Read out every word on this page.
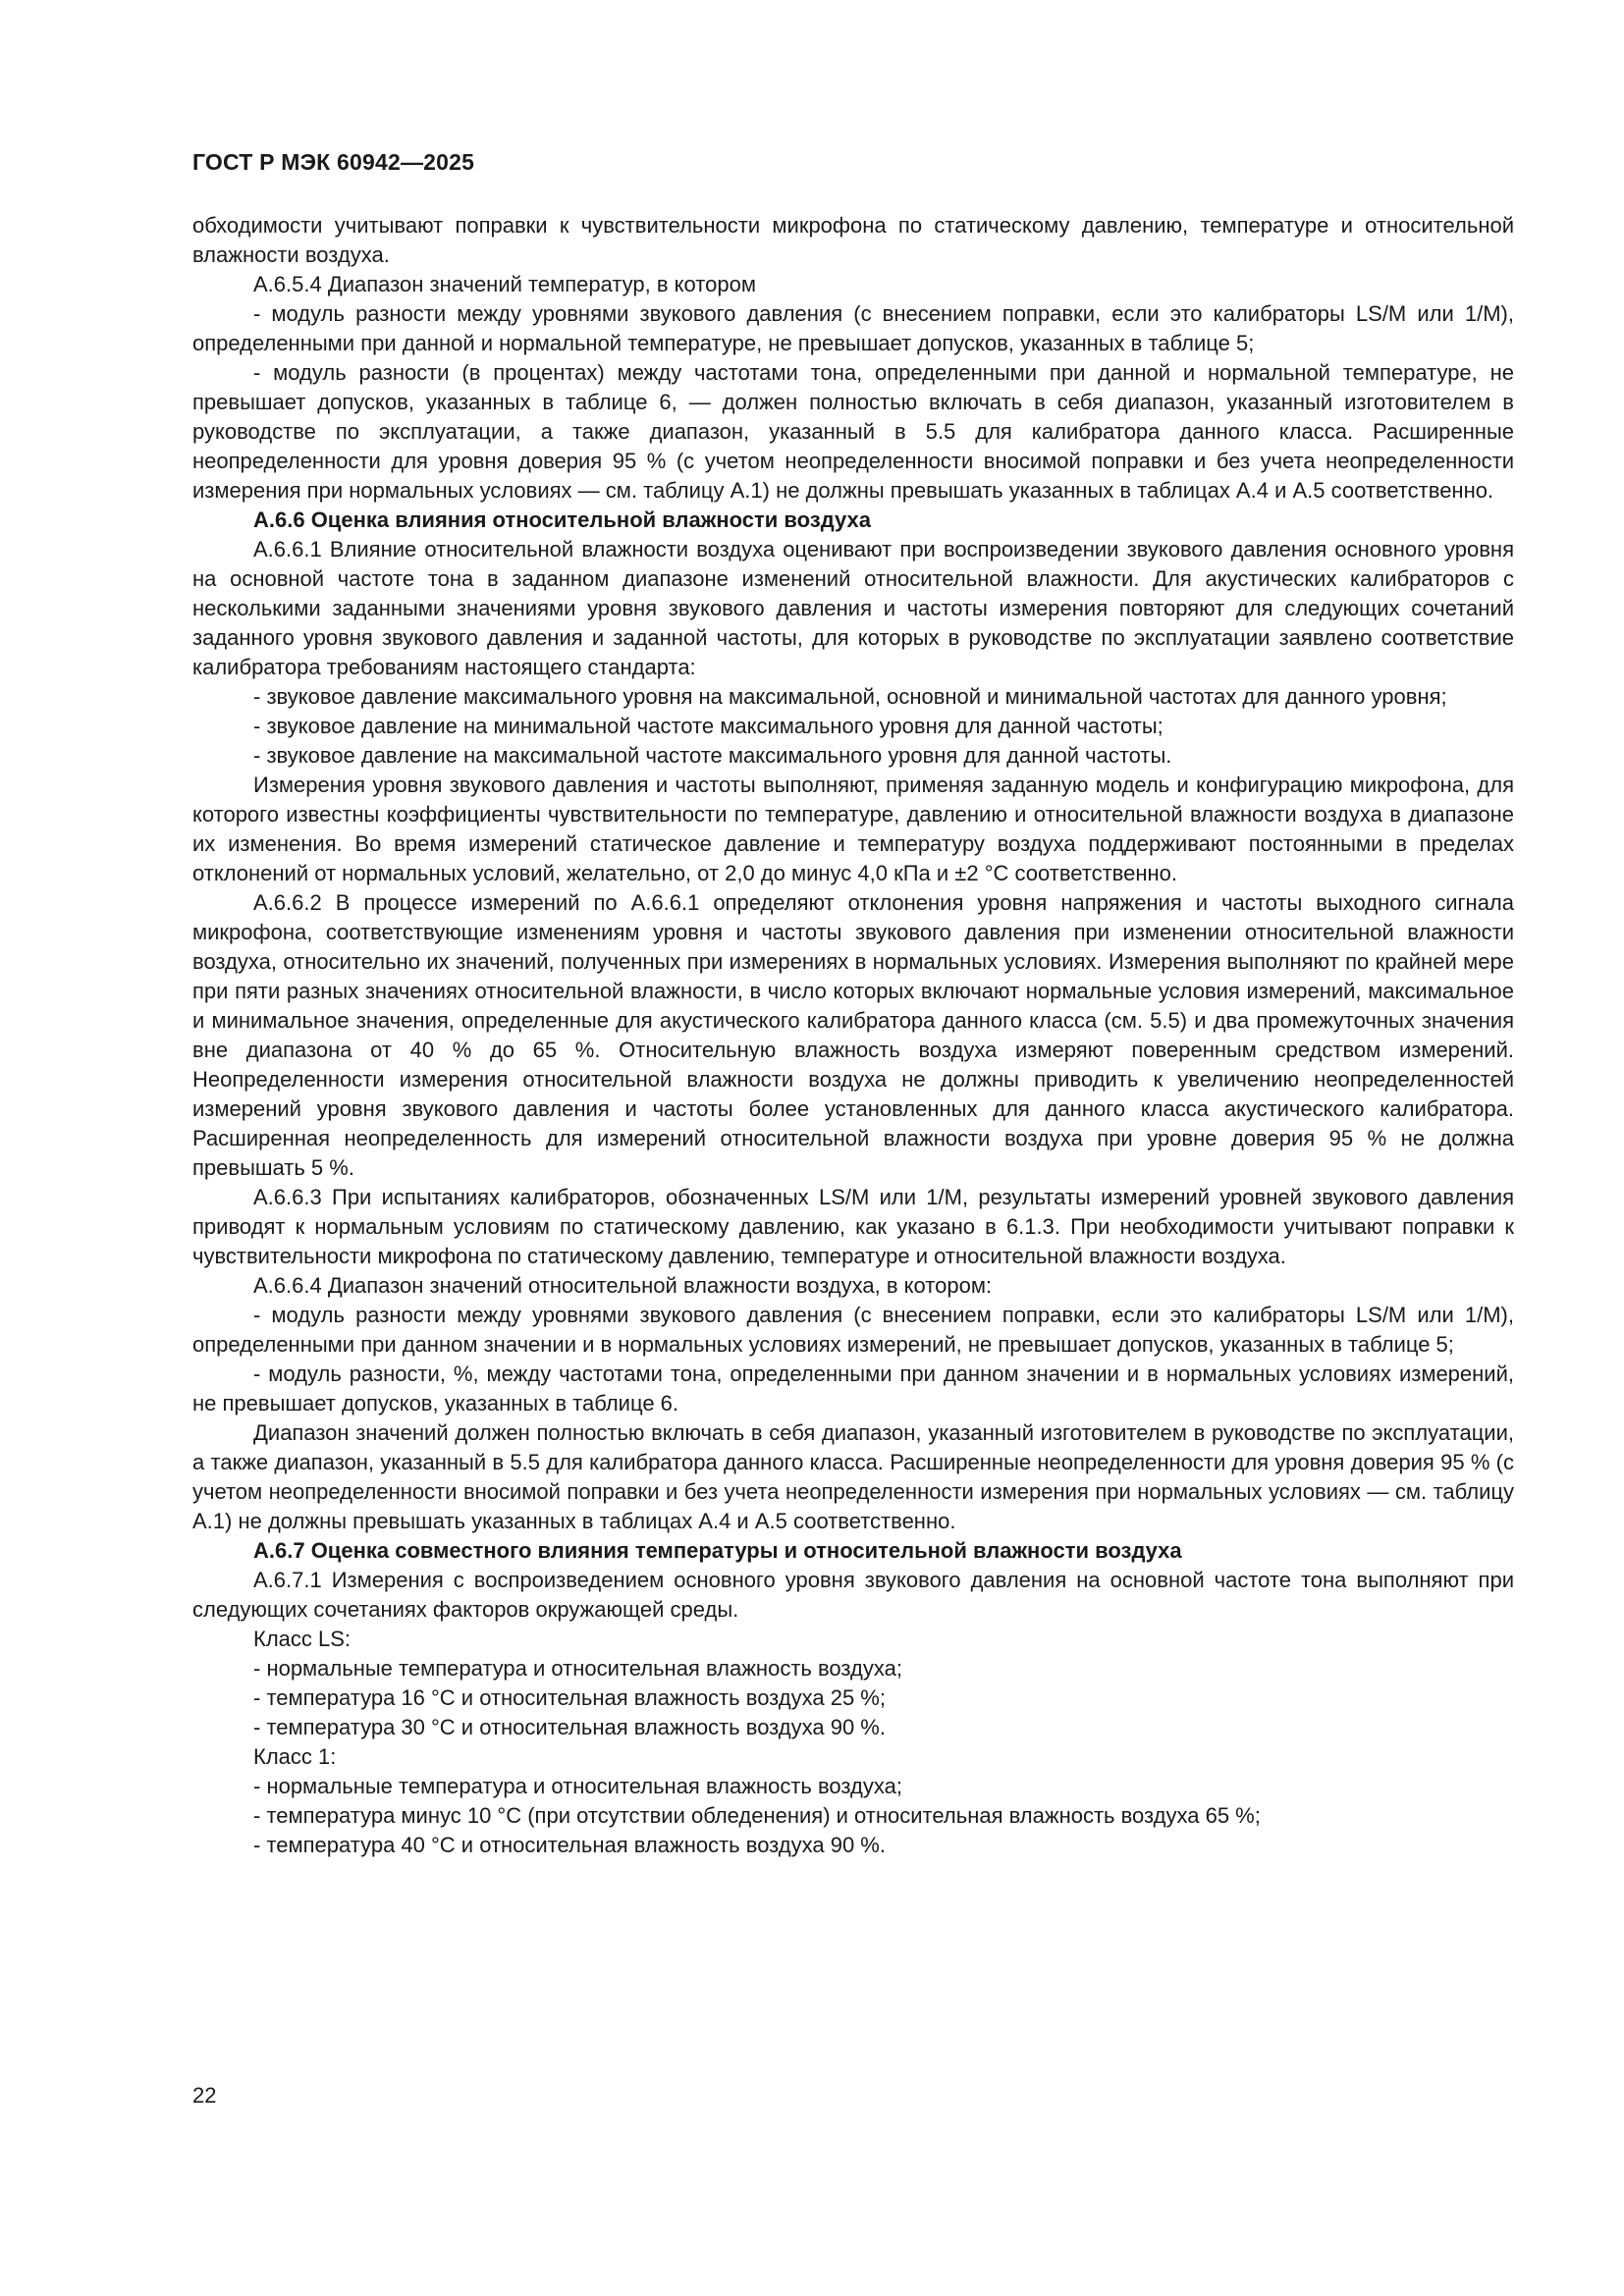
ГОСТ Р МЭК 60942—2025

обходимости учитывают поправки к чувствительности микрофона по статическому давлению, температуре и относительной влажности воздуха.

А.6.5.4 Диапазон значений температур, в котором

- модуль разности между уровнями звукового давления (с внесением поправки, если это калибраторы LS/M или 1/M), определенными при данной и нормальной температуре, не превышает допусков, указанных в таблице 5;

- модуль разности (в процентах) между частотами тона, определенными при данной и нормальной температуре, не превышает допусков, указанных в таблице 6, — должен полностью включать в себя диапазон, указанный изготовителем в руководстве по эксплуатации, а также диапазон, указанный в 5.5 для калибратора данного класса. Расширенные неопределенности для уровня доверия 95 % (с учетом неопределенности вносимой поправки и без учета неопределенности измерения при нормальных условиях — см. таблицу А.1) не должны превышать указанных в таблицах А.4 и А.5 соответственно.

А.6.6 Оценка влияния относительной влажности воздуха

А.6.6.1 Влияние относительной влажности воздуха оценивают при воспроизведении звукового давления основного уровня на основной частоте тона в заданном диапазоне изменений относительной влажности. Для акустических калибраторов с несколькими заданными значениями уровня звукового давления и частоты измерения повторяют для следующих сочетаний заданного уровня звукового давления и заданной частоты, для которых в руководстве по эксплуатации заявлено соответствие калибратора требованиям настоящего стандарта:

- звуковое давление максимального уровня на максимальной, основной и минимальной частотах для данного уровня;

- звуковое давление на минимальной частоте максимального уровня для данной частоты;

- звуковое давление на максимальной частоте максимального уровня для данной частоты.

Измерения уровня звукового давления и частоты выполняют, применяя заданную модель и конфигурацию микрофона, для которого известны коэффициенты чувствительности по температуре, давлению и относительной влажности воздуха в диапазоне их изменения. Во время измерений статическое давление и температуру воздуха поддерживают постоянными в пределах отклонений от нормальных условий, желательно, от 2,0 до минус 4,0 кПа и ±2 °C соответственно.

А.6.6.2 В процессе измерений по А.6.6.1 определяют отклонения уровня напряжения и частоты выходного сигнала микрофона, соответствующие изменениям уровня и частоты звукового давления при изменении относительной влажности воздуха, относительно их значений, полученных при измерениях в нормальных условиях. Измерения выполняют по крайней мере при пяти разных значениях относительной влажности, в число которых включают нормальные условия измерений, максимальное и минимальное значения, определенные для акустического калибратора данного класса (см. 5.5) и два промежуточных значения вне диапазона от 40 % до 65 %. Относительную влажность воздуха измеряют поверенным средством измерений. Неопределенности измерения относительной влажности воздуха не должны приводить к увеличению неопределенностей измерений уровня звукового давления и частоты более установленных для данного класса акустического калибратора. Расширенная неопределенность для измерений относительной влажности воздуха при уровне доверия 95 % не должна превышать 5 %.

А.6.6.3 При испытаниях калибраторов, обозначенных LS/M или 1/M, результаты измерений уровней звукового давления приводят к нормальным условиям по статическому давлению, как указано в 6.1.3. При необходимости учитывают поправки к чувствительности микрофона по статическому давлению, температуре и относительной влажности воздуха.

А.6.6.4 Диапазон значений относительной влажности воздуха, в котором:

- модуль разности между уровнями звукового давления (с внесением поправки, если это калибраторы LS/M или 1/M), определенными при данном значении и в нормальных условиях измерений, не превышает допусков, указанных в таблице 5;

- модуль разности, %, между частотами тона, определенными при данном значении и в нормальных условиях измерений, не превышает допусков, указанных в таблице 6.

Диапазон значений должен полностью включать в себя диапазон, указанный изготовителем в руководстве по эксплуатации, а также диапазон, указанный в 5.5 для калибратора данного класса. Расширенные неопределенности для уровня доверия 95 % (с учетом неопределенности вносимой поправки и без учета неопределенности измерения при нормальных условиях — см. таблицу А.1) не должны превышать указанных в таблицах А.4 и А.5 соответственно.

А.6.7 Оценка совместного влияния температуры и относительной влажности воздуха

А.6.7.1 Измерения с воспроизведением основного уровня звукового давления на основной частоте тона выполняют при следующих сочетаниях факторов окружающей среды.

Класс LS:

- нормальные температура и относительная влажность воздуха;

- температура 16 °C и относительная влажность воздуха 25 %;

- температура 30 °C и относительная влажность воздуха 90 %.

Класс 1:

- нормальные температура и относительная влажность воздуха;

- температура минус 10 °C (при отсутствии обледенения) и относительная влажность воздуха 65 %;

- температура 40 °C и относительная влажность воздуха 90 %.

22
